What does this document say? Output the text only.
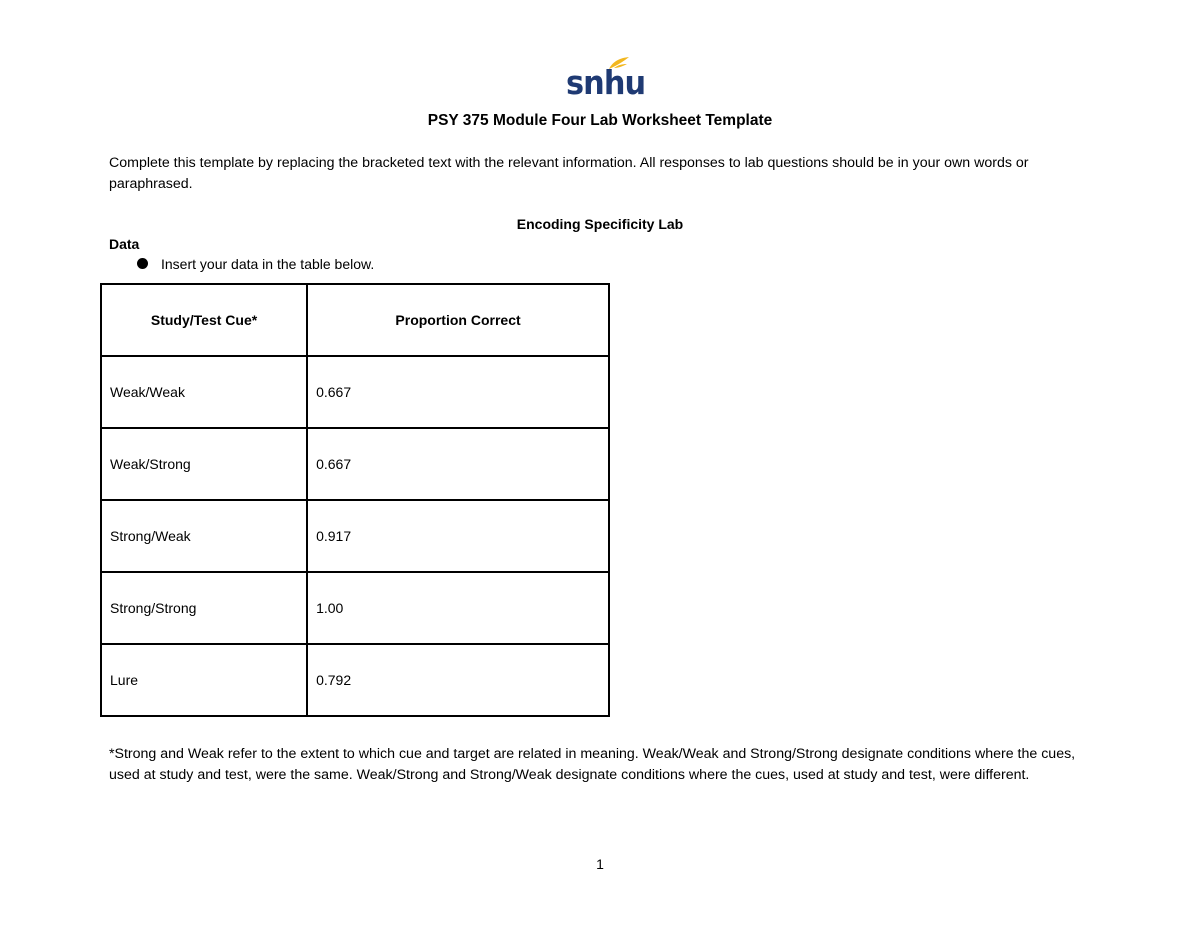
snhu
PSY 375 Module Four Lab Worksheet Template
Complete this template by replacing the bracketed text with the relevant information. All responses to lab questions should be in your own words or paraphrased.
Encoding Specificity Lab
Data
Insert your data in the table below.
Study/Test Cue*	Proportion Correct
Weak/Weak	0.667
Weak/Strong	0.667
Strong/Weak	0.917
Strong/Strong	1.00
Lure	0.792
*Strong and Weak refer to the extent to which cue and target are related in meaning. Weak/Weak and Strong/Strong designate conditions where the cues, used at study and test, were the same. Weak/Strong and Strong/Weak designate conditions where the cues, used at study and test, were different.
1
